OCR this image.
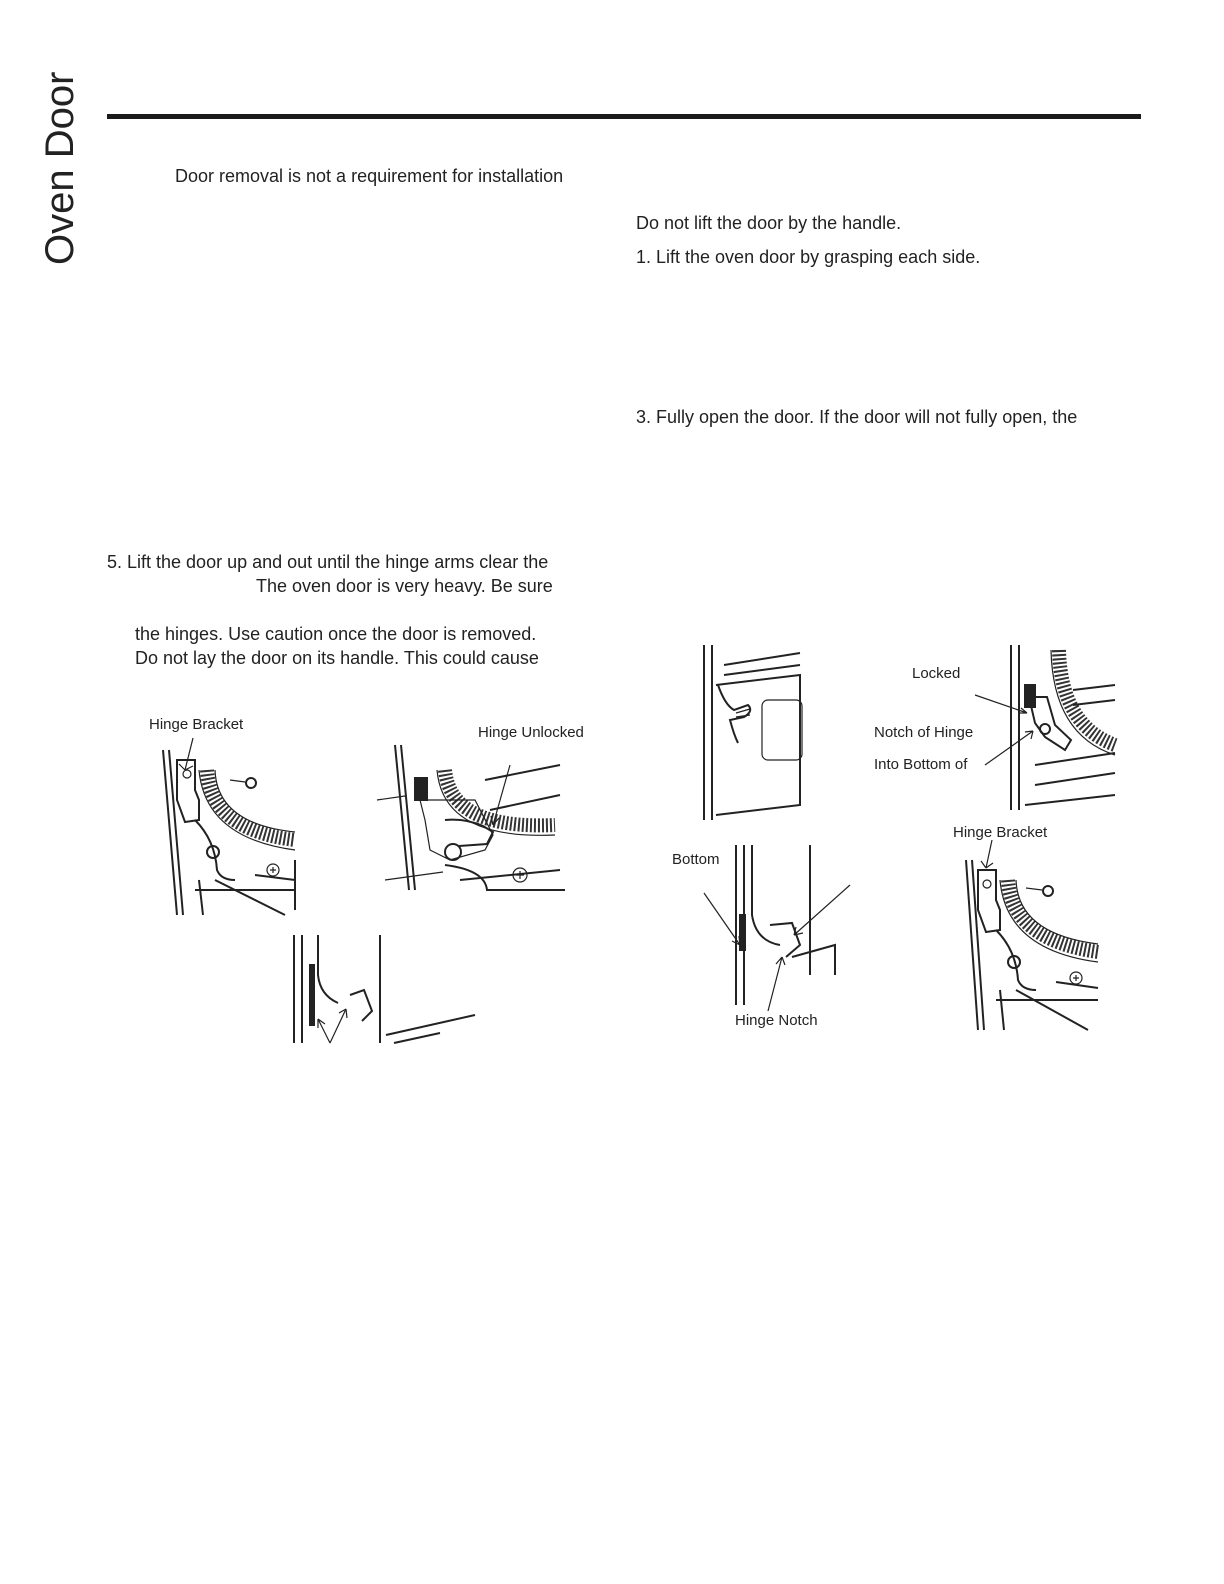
Oven Door	Door removal is not a requirement for installation
5. Lift the door up and out until the hinge arms clear the
The oven door is very heavy. Be sure
the hinges. Use caution once the door is removed.
Do not lay the door on its handle. This could cause
Do not lift the door by the handle.
1. Lift the oven door by grasping each side.
3. Fully open the door. If the door will not fully open, the
Hinge Bracket	Hinge Unlocked
Locked
Notch of Hinge
Into Bottom of
Hinge Bracket
Bottom
Hinge Notch
